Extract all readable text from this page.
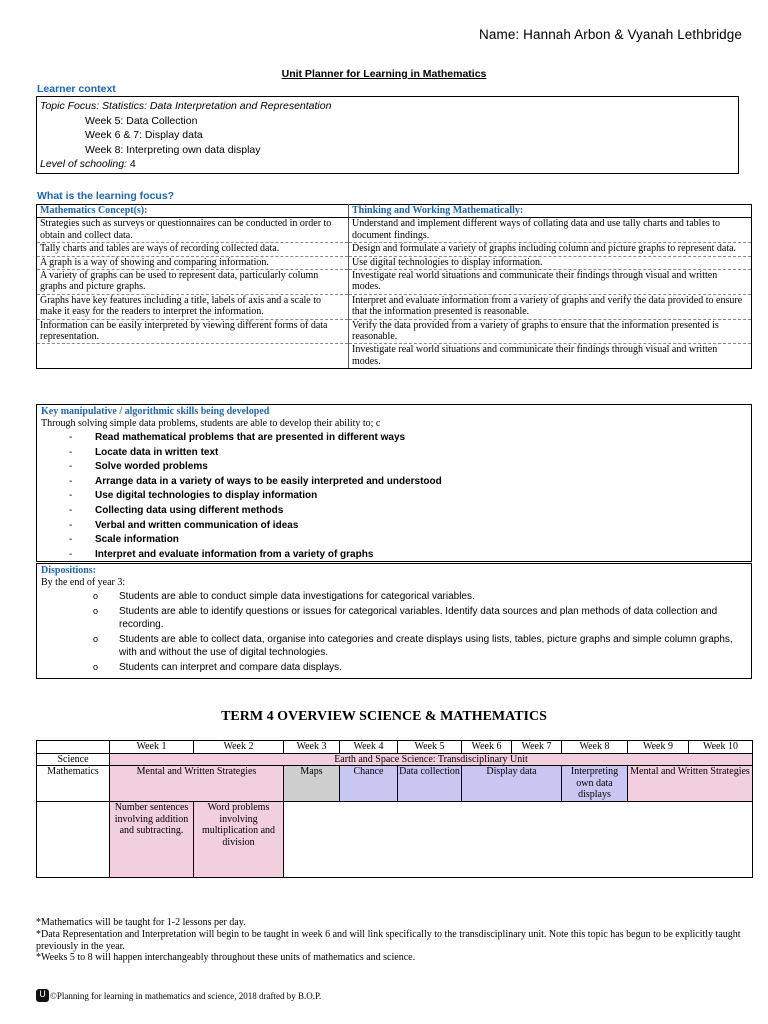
Name: Hannah Arbon & Vyanah Lethbridge
Unit Planner for Learning in Mathematics
Learner context
Topic Focus: Statistics: Data Interpretation and Representation
Week 5: Data Collection
Week 6 & 7: Display data
Week 8: Interpreting own data display
Level of schooling: 4
What is the learning focus?
Mathematics Concept(s):	Thinking and Working Mathematically:
Strategies such as surveys or questionnaires can be conducted in order to obtain and collect data.	Understand and implement different ways of collating data and use tally charts and tables to document findings.
Tally charts and tables are ways of recording collected data.	Design and formulate a variety of graphs including column and picture graphs to represent data.
A graph is a way of showing and comparing information.	Use digital technologies to display information.
A variety of graphs can be used to represent data, particularly column graphs and picture graphs.	Investigate real world situations and communicate their findings through visual and written modes.
Graphs have key features including a title, labels of axis and a scale to make it easy for the readers to interpret the information.	Interpret and evaluate information from a variety of graphs and verify the data provided to ensure that the information presented is reasonable.
Information can be easily interpreted by viewing different forms of data representation.	Verify the data provided from a variety of graphs to ensure that the information presented is reasonable.
	Investigate real world situations and communicate their findings through visual and written modes.
Key manipulative / algorithmic skills being developed
Through solving simple data problems, students are able to develop their ability to; c
- Read mathematical problems that are presented in different ways
- Locate data in written text
- Solve worded problems
- Arrange data in a variety of ways to be easily interpreted and understood
- Use digital technologies to display information
- Collecting data using different methods
- Verbal and written communication of ideas
- Scale information
- Interpret and evaluate information from a variety of graphs
Dispositions:
By the end of year 3:
o Students are able to conduct simple data investigations for categorical variables.
o Students are able to identify questions or issues for categorical variables. Identify data sources and plan methods of data collection and recording.
o Students are able to collect data, organise into categories and create displays using lists, tables, picture graphs and simple column graphs, with and without the use of digital technologies.
o Students can interpret and compare data displays.
TERM 4 OVERVIEW SCIENCE & MATHEMATICS
	Week 1	Week 2	Week 3	Week 4	Week 5	Week 6	Week 7	Week 8	Week 9	Week 10
Science	Earth and Space Science: Transdisciplinary Unit									
Mathematics	Mental and Written Strategies		Maps	Chance	Data collection	Display data		Interpreting own data displays	Mental and Written Strategies	
	Number sentences involving addition and subtracting.	Word problems involving multiplication and division								
*Mathematics will be taught for 1-2 lessons per day.
*Data Representation and Interpretation will begin to be taught in week 6 and will link specifically to the transdisciplinary unit. Note this topic has begun to be explicitly taught previously in the year.
*Weeks 5 to 8 will happen interchangeably throughout these units of mathematics and science.
U ©Planning for learning in mathematics and science, 2018 drafted by B.O.P.
